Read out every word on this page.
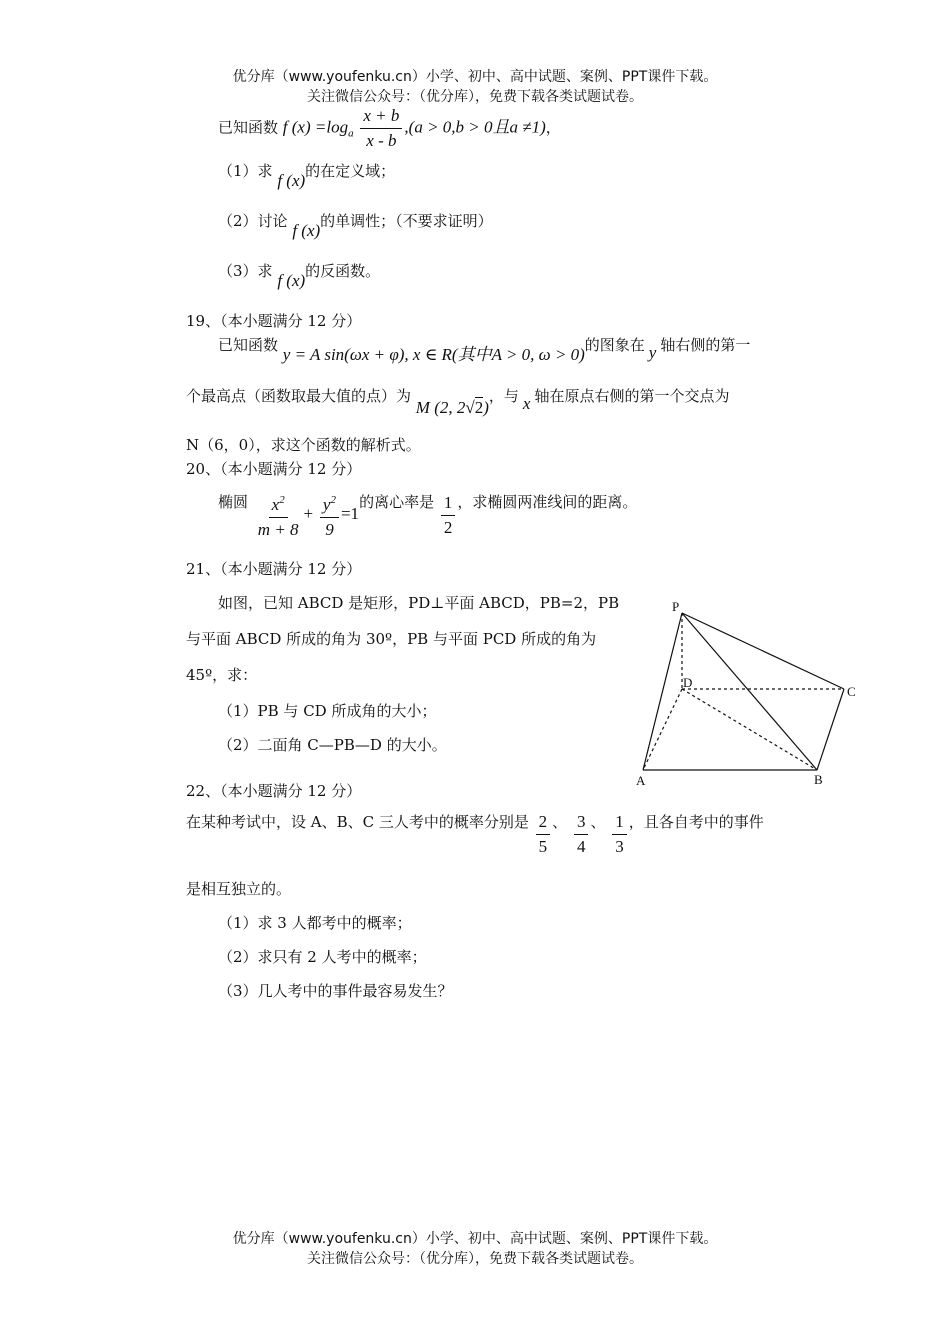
优分库（www.youfenku.cn）小学、初中、高中试题、案例、PPT课件下载。
关注微信公众号：（优分库），免费下载各类试题试卷。
已知函数 f $(x) =\log_a \frac{x + b}{x - b} ,(a > 0,b > 0$且a ≠1)，
（1）求 f (x)的在定义域；
（2）讨论 f (x)的单调性；（不要求证明）
（3）求 f (x)的反函数。
19、（本小题满分 12 分）
已知函数 y = A sin(ωx + φ), x ∈ R(其中A > 0, ω > 0)的图象在 y 轴右侧的第一
个最高点（函数取最大值的点）为 M (2, 2√2)，与 x 轴在原点右侧的第一个交点为
N（6，0），求这个函数的解析式。
20、（本小题满分 12 分）
椭圆 $\frac{x^2}{m + 8} + \frac{y^2}{9} =1$的离心率是 $\frac{1}{2}$ ，求椭圆两准线间的距离。
21、（本小题满分 12 分）
如图，已知 ABCD 是矩形，PD⊥平面 ABCD，PB=2，PB
与平面 ABCD 所成的角为 30º，PB 与平面 PCD 所成的角为
45º，求：
（1）PB 与 CD 所成角的大小；
（2）二面角 C—PB—D 的大小。
P
D
C
A	B
22、（本小题满分 12 分）
在某种考试中，设 A、B、C 三人考中的概率分别是 $\frac{2}{5}$ 、 $\frac{3}{4}$ 、 $\frac{1}{3}$ ，且各自考中的事件
是相互独立的。
（1）求 3 人都考中的概率；
（2）求只有 2 人考中的概率；
（3）几人考中的事件最容易发生？
优分库（www.youfenku.cn）小学、初中、高中试题、案例、PPT课件下载。
关注微信公众号：（优分库），免费下载各类试题试卷。
